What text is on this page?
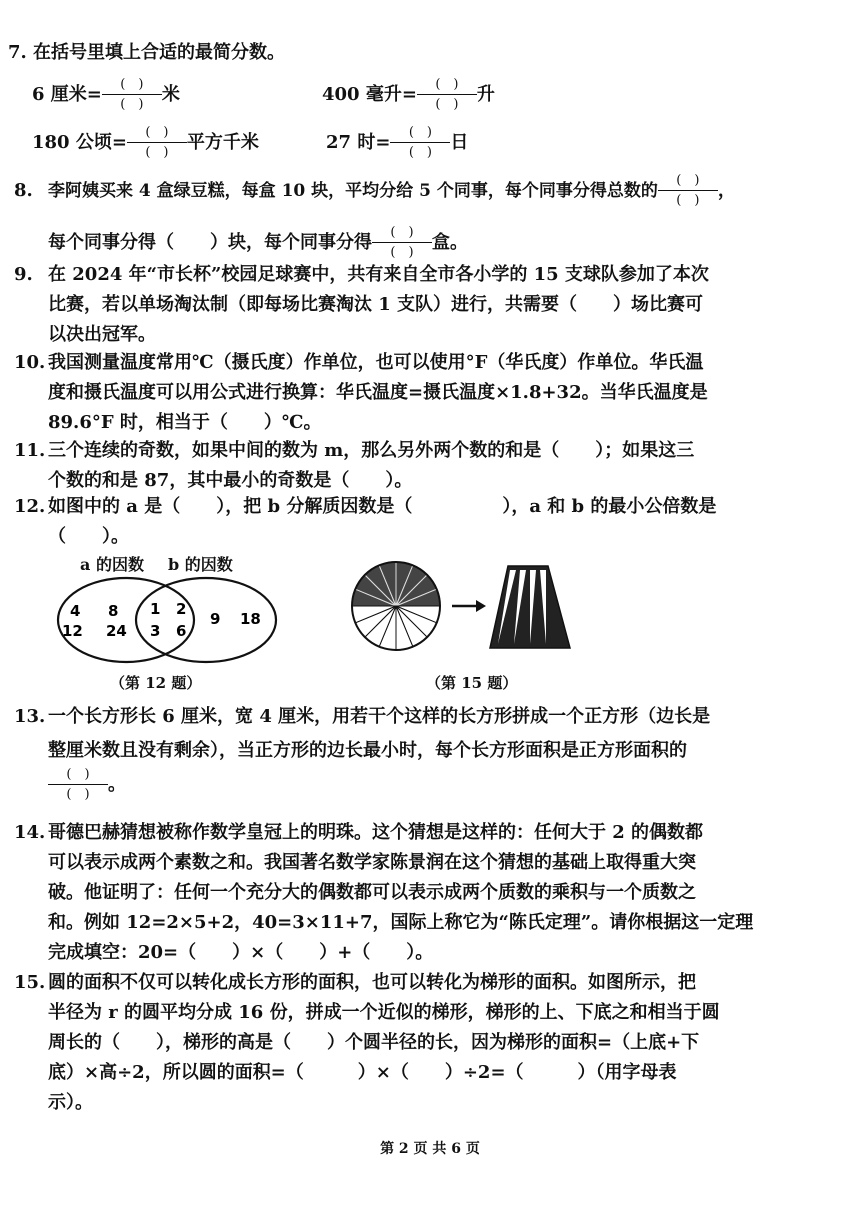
7. 在括号里填上合适的最简分数。
6 厘米= $\frac{( )}{( )}$ 米	400 毫升= $\frac{( )}{( )}$ 升
180 公顷= $\frac{( )}{( )}$ 平方千米	27 时= $\frac{( )}{( )}$ 日
8. 李阿姨买来 4 盒绿豆糕，每盒 10 块，平均分给 5 个同事，每个同事分得总数的 $\frac{( )}{( )}$ ，
每个同事分得（　　）块，每个同事分得 $\frac{( )}{( )}$ 盒。
9. 在 2024 年“市长杯”校园足球赛中，共有来自全市各小学的 15 支球队参加了本次
比赛，若以单场淘汰制（即每场比赛淘汰 1 支队）进行，共需要（　　）场比赛可
以决出冠军。
10. 我国测量温度常用℃（摄氏度）作单位，也可以使用°F（华氏度）作单位。华氏温
度和摄氏温度可以用公式进行换算：华氏温度=摄氏温度×1.8+32。当华氏温度是
89.6°F 时，相当于（　　）℃。
11. 三个连续的奇数，如果中间的数为 m，那么另外两个数的和是（　　）；如果这三
个数的和是 87，其中最小的奇数是（　　）。
12. 如图中的 a 是（　　），把 b 分解质因数是（　　　　　），a 和 b 的最小公倍数是
（　　）。
a 的因数 b 的因数
4 8
12 24
1 2
3 6
9 18
（第 12 题）	（第 15 题）
13. 一个长方形长 6 厘米，宽 4 厘米，用若干个这样的长方形拼成一个正方形（边长是
整厘米数且没有剩余），当正方形的边长最小时，每个长方形面积是正方形面积的
$\frac{( )}{( )}$ 。
14. 哥德巴赫猜想被称作数学皇冠上的明珠。这个猜想是这样的：任何大于 2 的偶数都
可以表示成两个素数之和。我国著名数学家陈景润在这个猜想的基础上取得重大突
破。他证明了：任何一个充分大的偶数都可以表示成两个质数的乘积与一个质数之
和。例如 12=2×5+2，40=3×11+7，国际上称它为“陈氏定理”。请你根据这一定理
完成填空：20=（　　）×（　　）+（　　）。
15. 圆的面积不仅可以转化成长方形的面积，也可以转化为梯形的面积。如图所示，把
半径为 r 的圆平均分成 16 份，拼成一个近似的梯形，梯形的上、下底之和相当于圆
周长的（　　），梯形的高是（　　）个圆半径的长，因为梯形的面积=（上底+下
底）×高÷2，所以圆的面积=（　　　）×（　　）÷2=（　　　）（用字母表
示）。
第 2 页 共 6 页
